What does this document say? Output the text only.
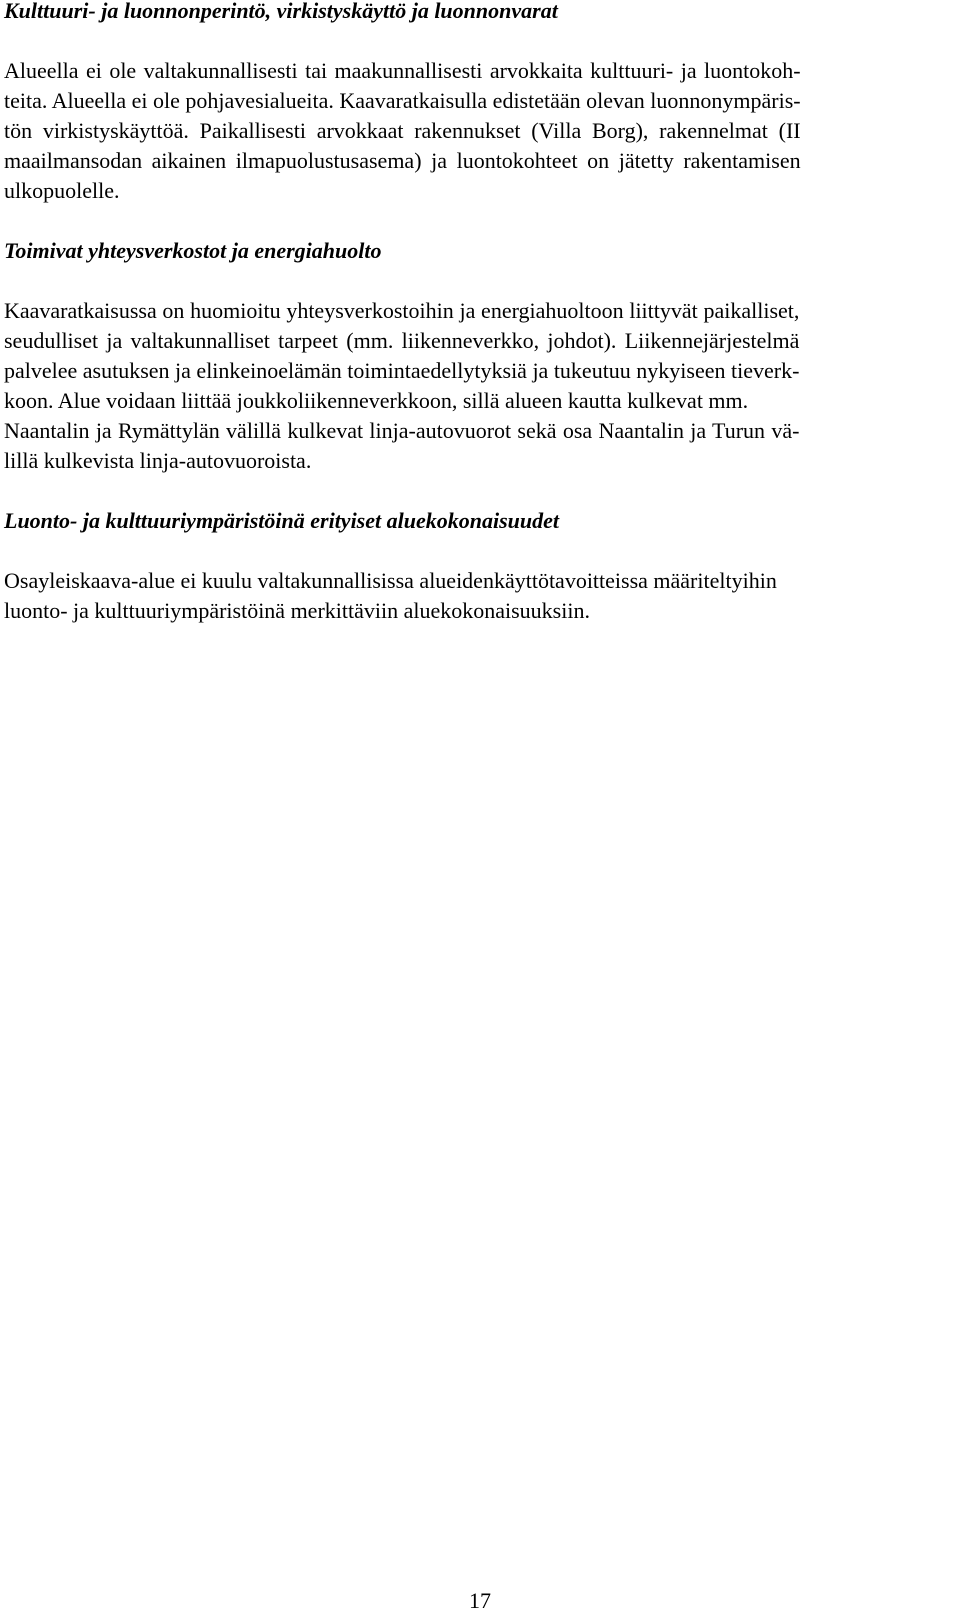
Kulttuuri- ja luonnonperintö, virkistyskäyttö ja luonnonvarat
Alueella ei ole valtakunnallisesti tai maakunnallisesti arvokkaita kulttuuri- ja luontokoh-
teita. Alueella ei ole pohjavesialueita. Kaavaratkaisulla edistetään olevan luonnonympäris-
tön virkistyskäyttöä. Paikallisesti arvokkaat rakennukset (Villa Borg), rakennelmat (II
maailmansodan aikainen ilmapuolustusasema) ja luontokohteet on jätetty rakentamisen
ulkopuolelle.
Toimivat yhteysverkostot ja energiahuolto
Kaavaratkaisussa on huomioitu yhteysverkostoihin ja energiahuoltoon liittyvät paikalliset,
seudulliset ja valtakunnalliset tarpeet (mm. liikenneverkko, johdot). Liikennejärjestelmä
palvelee asutuksen ja elinkeinoelämän toimintaedellytyksiä ja tukeutuu nykyiseen tieverk-
koon. Alue voidaan liittää joukkoliikenneverkkoon, sillä alueen kautta kulkevat mm.
Naantalin ja Rymättylän välillä kulkevat linja-autovuorot sekä osa Naantalin ja Turun vä-
lillä kulkevista linja-autovuoroista.
Luonto- ja kulttuuriympäristöinä erityiset aluekokonaisuudet
Osayleiskaava-alue ei kuulu valtakunnallisissa alueidenkäyttötavoitteissa määriteltyihin
luonto- ja kulttuuriympäristöinä merkittäviin aluekokonaisuuksiin.

17
